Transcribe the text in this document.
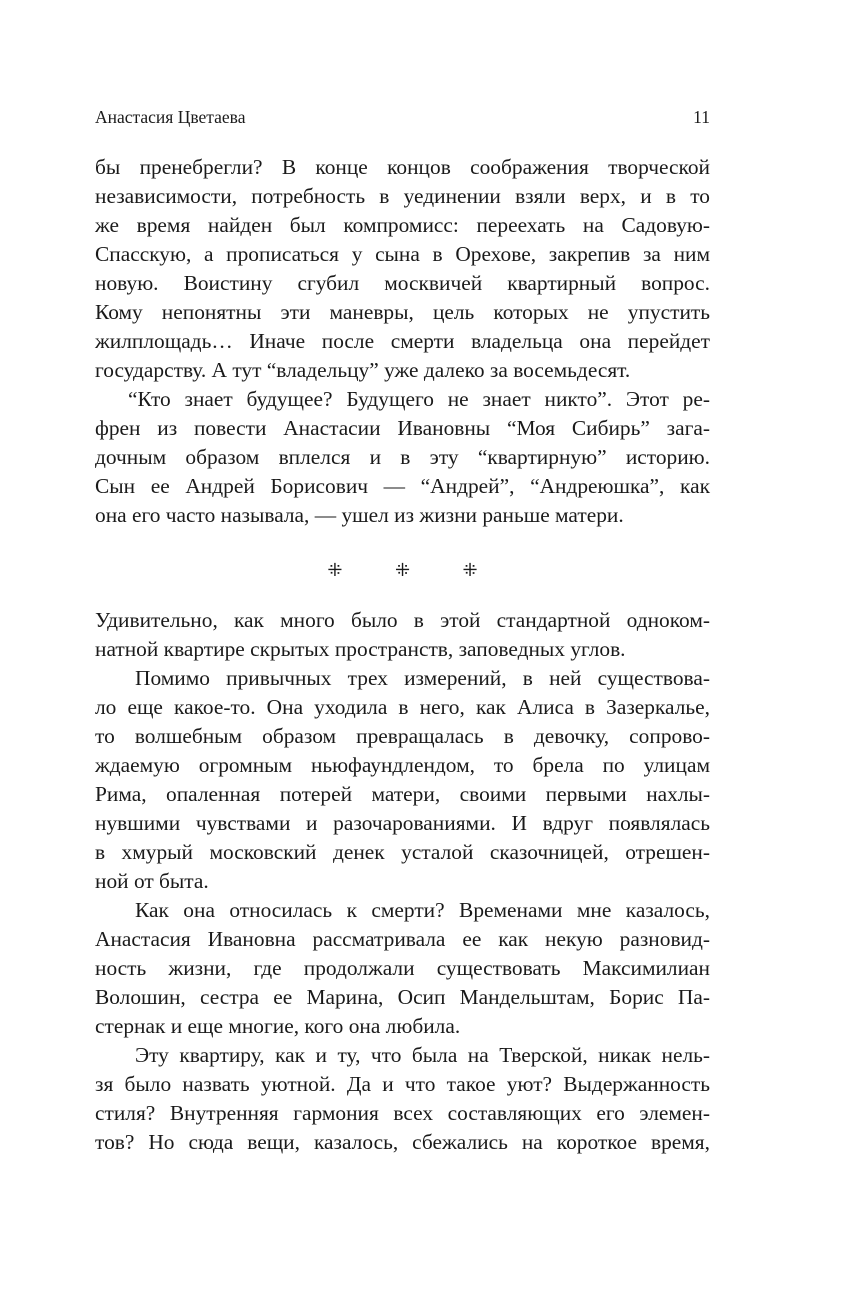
Анастасия Цветаева	11
бы пренебрегли? В конце концов соображения творческой
независимости, потребность в уединении взяли верх, и в то
же время найден был компромисс: переехать на Садовую-
Спасскую, а прописаться у сына в Орехове, закрепив за ним
новую. Воистину сгубил москвичей квартирный вопрос.
Кому непонятны эти маневры, цель которых не упустить
жилплощадь… Иначе после смерти владельца она перейдет
государству. А тут “владельцу” уже далеко за восемьдесят.
“Кто знает будущее? Будущего не знает никто”. Этот ре-
френ из повести Анастасии Ивановны “Моя Сибирь” зага-
дочным образом вплелся и в эту “квартирную” историю.
Сын ее Андрей Борисович — “Андрей”, “Андреюшка”, как
она его часто называла, — ушел из жизни раньше матери.
⁜	⁜	⁜
Удивительно, как много было в этой стандартной одноком-
натной квартире скрытых пространств, заповедных углов.
Помимо привычных трех измерений, в ней существова-
ло еще какое-то. Она уходила в него, как Алиса в Зазеркалье,
то волшебным образом превращалась в девочку, сопрово-
ждаемую огромным ньюфаундлендом, то брела по улицам
Рима, опаленная потерей матери, своими первыми нахлы-
нувшими чувствами и разочарованиями. И вдруг появлялась
в хмурый московский денек усталой сказочницей, отрешен-
ной от быта.
Как она относилась к смерти? Временами мне казалось,
Анастасия Ивановна рассматривала ее как некую разновид-
ность жизни, где продолжали существовать Максимилиан
Волошин, сестра ее Марина, Осип Мандельштам, Борис Па-
стернак и еще многие, кого она любила.
Эту квартиру, как и ту, что была на Тверской, никак нель-
зя было назвать уютной. Да и что такое уют? Выдержанность
стиля? Внутренняя гармония всех составляющих его элемен-
тов? Но сюда вещи, казалось, сбежались на короткое время,
